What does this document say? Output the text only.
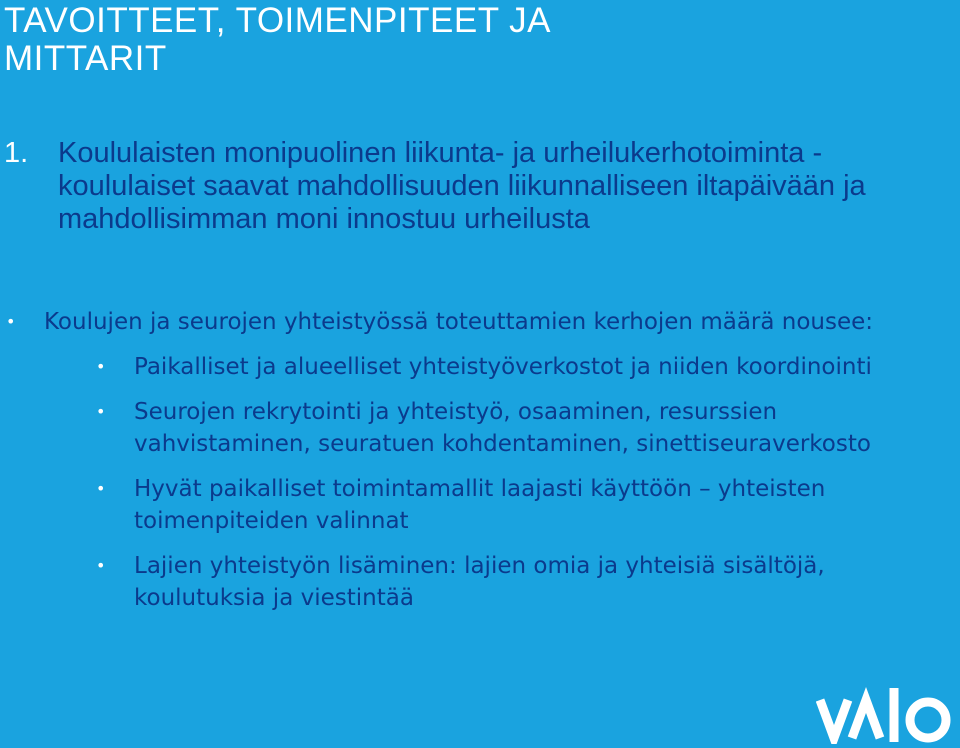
TAVOITTEET, TOIMENPITEET JA
MITTARIT
1.	Koululaisten monipuolinen liikunta- ja urheilukerhotoiminta - koululaiset saavat mahdollisuuden liikunnalliseen iltapäivään ja mahdollisimman moni innostuu urheilusta
• Koulujen ja seurojen yhteistyössä toteuttamien kerhojen määrä nousee:
• Paikalliset ja alueelliset yhteistyöverkostot ja niiden koordinointi
• Seurojen rekrytointi ja yhteistyö, osaaminen, resurssien vahvistaminen, seuratuen kohdentaminen, sinettiseuraverkosto
• Hyvät paikalliset toimintamallit laajasti käyttöön – yhteisten toimenpiteiden valinnat
• Lajien yhteistyön lisäminen: lajien omia ja yhteisiä sisältöjä, koulutuksia ja viestintää
